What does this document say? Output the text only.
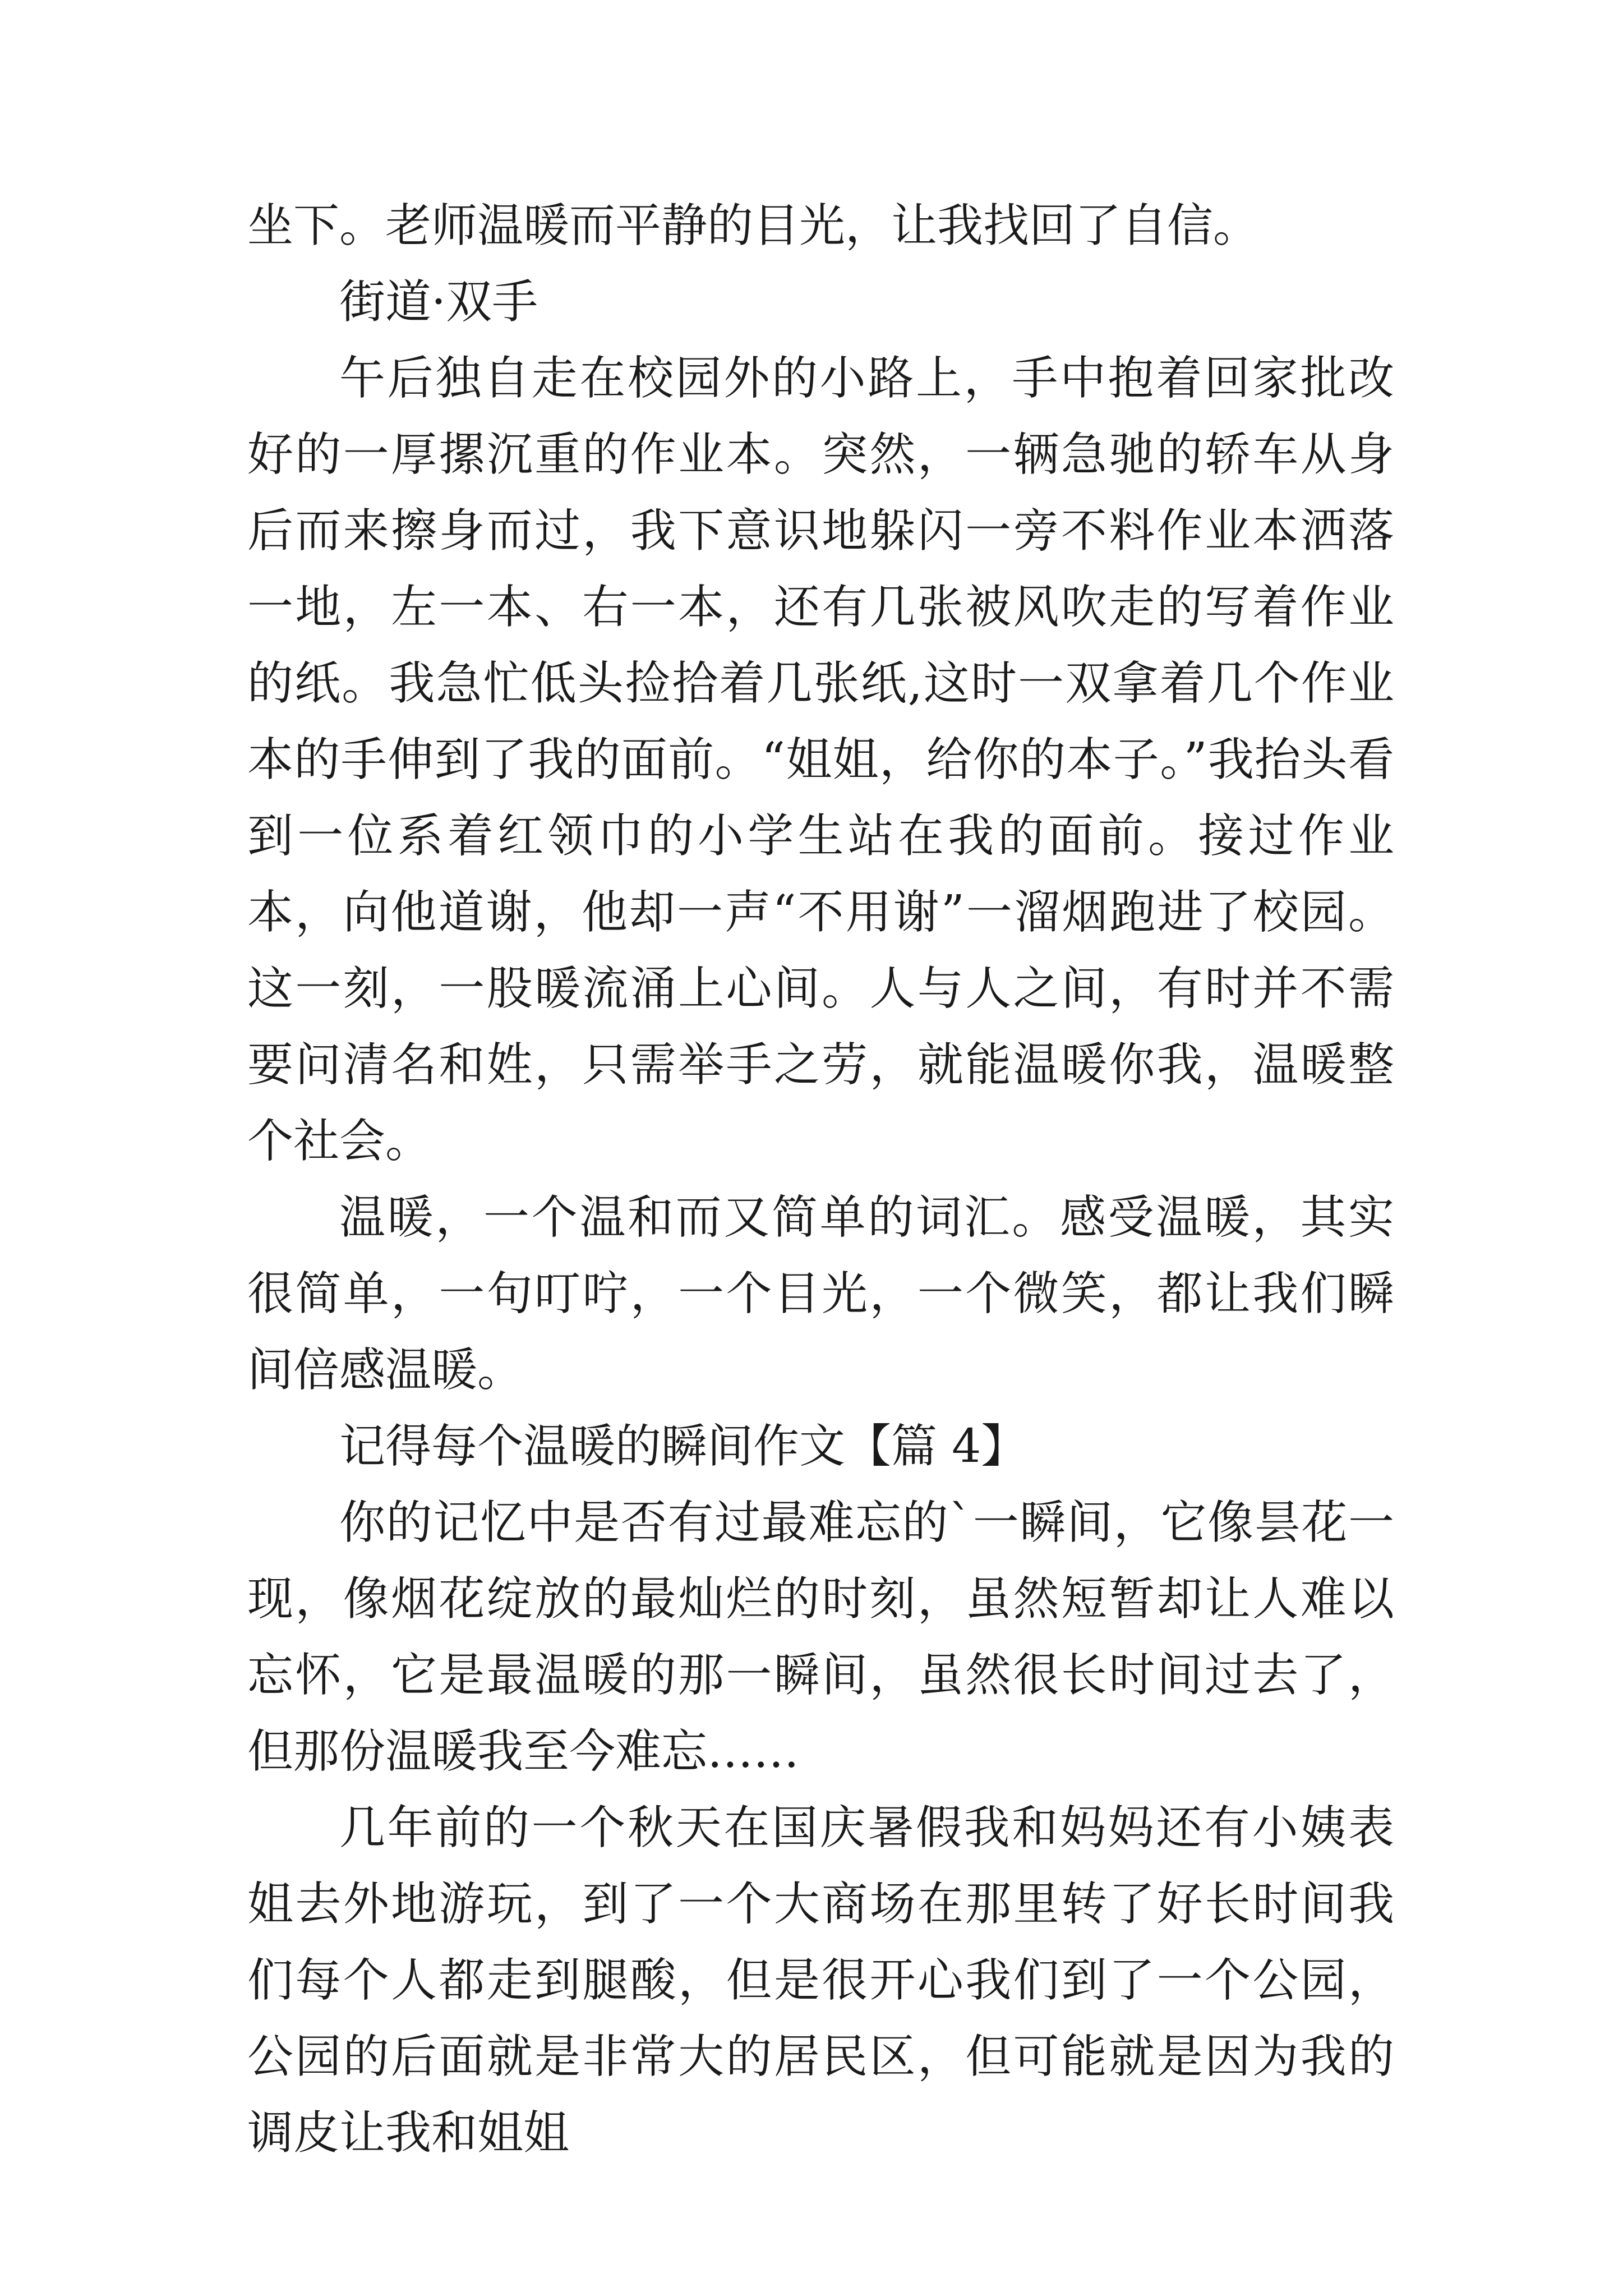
坐下。老师温暖而平静的目光，让我找回了自信。

街道·双手

午后独自走在校园外的小路上，手中抱着回家批改好的一厚摞沉重的作业本。突然，一辆急驰的轿车从身后而来擦身而过，我下意识地躲闪一旁不料作业本洒落一地，左一本、右一本，还有几张被风吹走的写着作业的纸。我急忙低头捡拾着几张纸,这时一双拿着几个作业本的手伸到了我的面前。“姐姐，给你的本子。”我抬头看到一位系着红领巾的小学生站在我的面前。接过作业本，向他道谢，他却一声“不用谢”一溜烟跑进了校园。这一刻，一股暖流涌上心间。人与人之间，有时并不需要问清名和姓，只需举手之劳，就能温暖你我，温暖整个社会。

温暖，一个温和而又简单的词汇。感受温暖，其实很简单，一句叮咛，一个目光，一个微笑，都让我们瞬间倍感温暖。

记得每个温暖的瞬间作文【篇 4】

你的记忆中是否有过最难忘的`一瞬间，它像昙花一现，像烟花绽放的最灿烂的时刻，虽然短暂却让人难以忘怀，它是最温暖的那一瞬间，虽然很长时间过去了，但那份温暖我至今难忘……

几年前的一个秋天在国庆暑假我和妈妈还有小姨表姐去外地游玩，到了一个大商场在那里转了好长时间我们每个人都走到腿酸，但是很开心我们到了一个公园，公园的后面就是非常大的居民区，但可能就是因为我的调皮让我和姐姐
